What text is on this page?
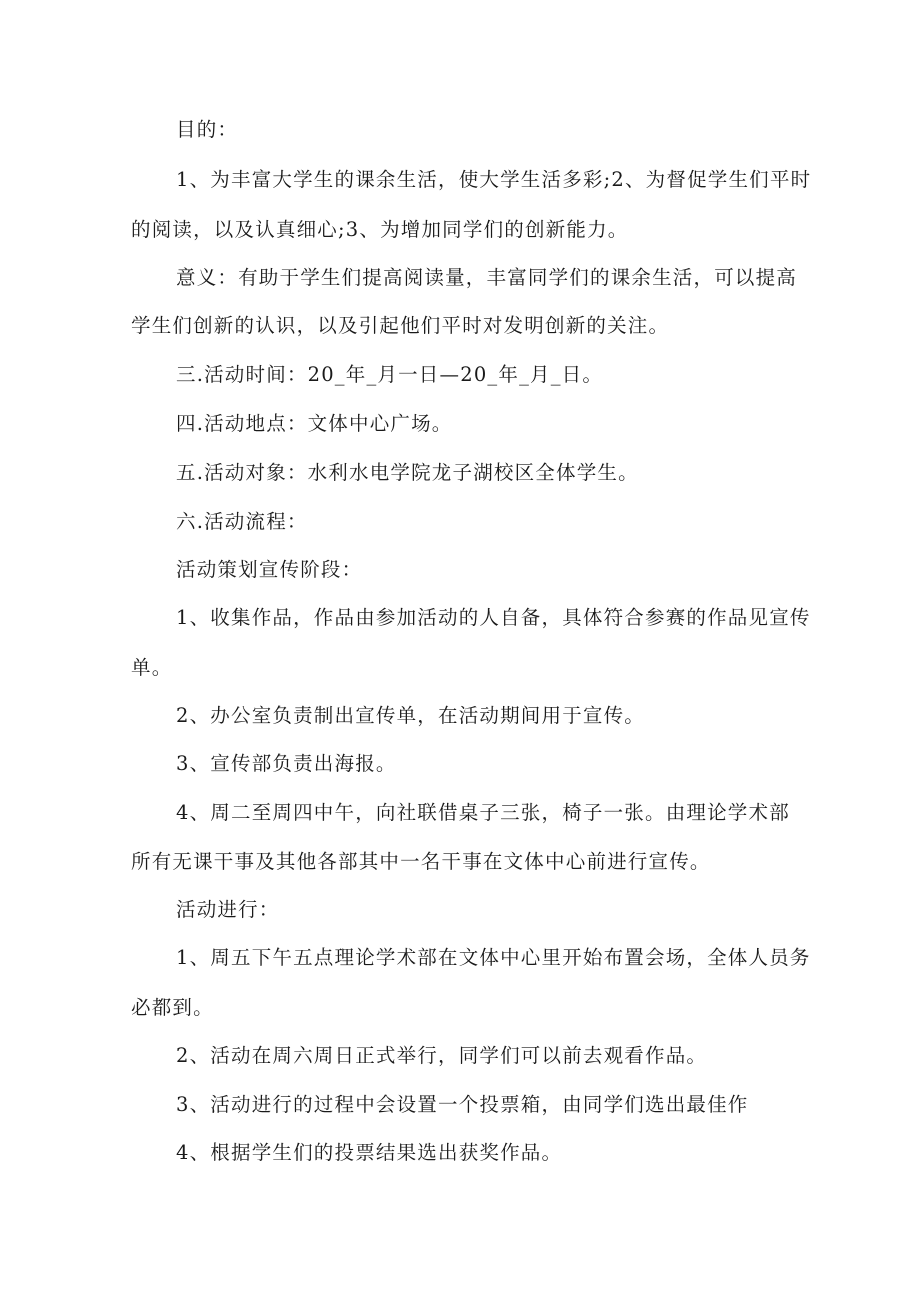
目的：
1、为丰富大学生的课余生活，使大学生活多彩;2、为督促学生们平时
的阅读，以及认真细心;3、为增加同学们的创新能力。
意义：有助于学生们提高阅读量，丰富同学们的课余生活，可以提高
学生们创新的认识，以及引起他们平时对发明创新的关注。
三.活动时间：20_年_月一日—20_年_月_日。
四.活动地点：文体中心广场。
五.活动对象：水利水电学院龙子湖校区全体学生。
六.活动流程：
活动策划宣传阶段：
1、收集作品，作品由参加活动的人自备，具体符合参赛的作品见宣传
单。
2、办公室负责制出宣传单，在活动期间用于宣传。
3、宣传部负责出海报。
4、周二至周四中午，向社联借桌子三张，椅子一张。由理论学术部
所有无课干事及其他各部其中一名干事在文体中心前进行宣传。
活动进行：
1、周五下午五点理论学术部在文体中心里开始布置会场，全体人员务
必都到。
2、活动在周六周日正式举行，同学们可以前去观看作品。
3、活动进行的过程中会设置一个投票箱，由同学们选出最佳作
4、根据学生们的投票结果选出获奖作品。
